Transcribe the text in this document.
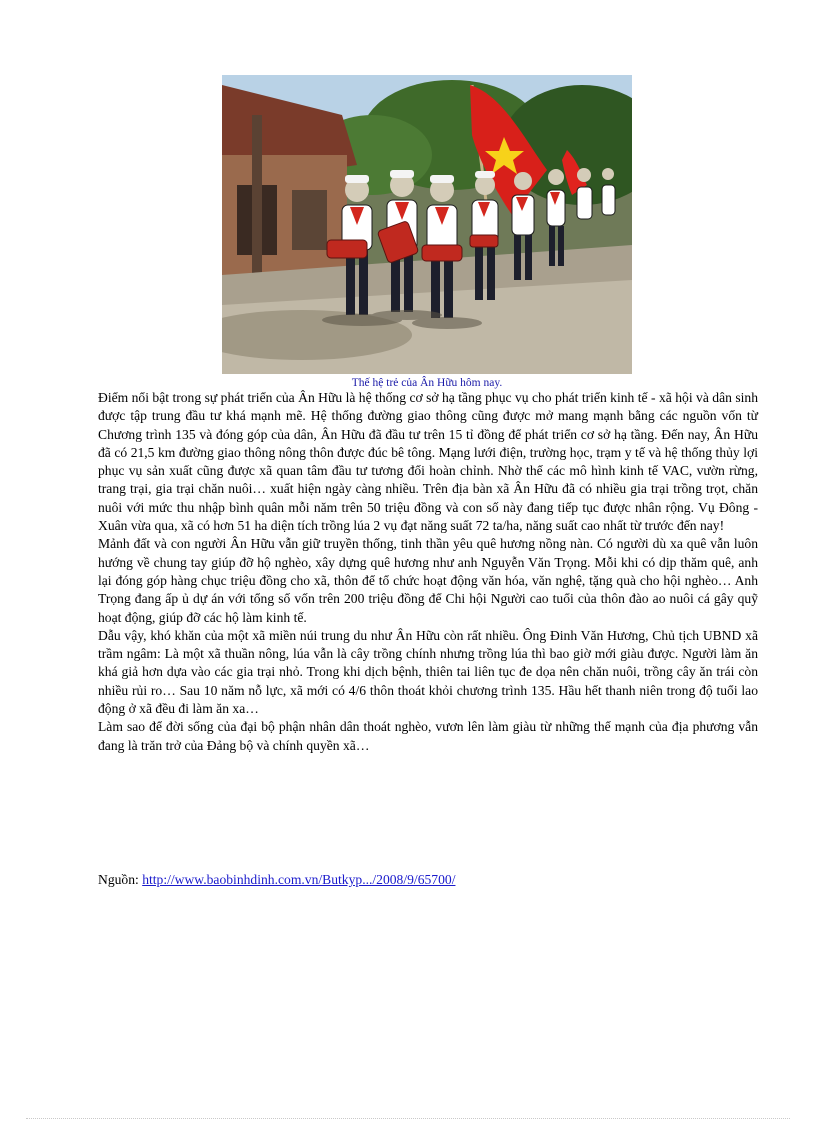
Thế hệ trẻ của Ân Hữu hôm nay.

Điểm nổi bật trong sự phát triển của Ân Hữu là hệ thống cơ sở hạ tầng phục vụ cho phát triển kinh tế - xã hội và dân sinh được tập trung đầu tư khá mạnh mẽ. Hệ thống đường giao thông cũng được mở mang mạnh bằng các nguồn vốn từ Chương trình 135 và đóng góp của dân, Ân Hữu đã đầu tư trên 15 tỉ đồng để phát triển cơ sở hạ tầng. Đến nay, Ân Hữu đã có 21,5 km đường giao thông nông thôn được đúc bê tông. Mạng lưới điện, trường học, trạm y tế và hệ thống thủy lợi phục vụ sản xuất cũng được xã quan tâm đầu tư tương đối hoàn chỉnh. Nhờ thế các mô hình kinh tế VAC, vườn rừng, trang trại, gia trại chăn nuôi… xuất hiện ngày càng nhiều. Trên địa bàn xã Ân Hữu đã có nhiều gia trại trồng trọt, chăn nuôi với mức thu nhập bình quân mỗi năm trên 50 triệu đồng và con số này đang tiếp tục được nhân rộng. Vụ Đông - Xuân vừa qua, xã có hơn 51 ha diện tích trồng lúa 2 vụ đạt năng suất 72 ta/ha, năng suất cao nhất từ trước đến nay!

Mảnh đất và con người Ân Hữu vẫn giữ truyền thống, tinh thần yêu quê hương nồng nàn. Có người dù xa quê vẫn luôn hướng về chung tay giúp đỡ hộ nghèo, xây dựng quê hương như anh Nguyễn Văn Trọng. Mỗi khi có dịp thăm quê, anh lại đóng góp hàng chục triệu đồng cho xã, thôn để tổ chức hoạt động văn hóa, văn nghệ, tặng quà cho hội nghèo… Anh Trọng đang ấp ủ dự án với tổng số vốn trên 200 triệu đồng để Chi hội Người cao tuổi của thôn đào ao nuôi cá gây quỹ hoạt động, giúp đỡ các hộ làm kinh tế.

Dẫu vậy, khó khăn của một xã miền núi trung du như Ân Hữu còn rất nhiều. Ông Đinh Văn Hương, Chủ tịch UBND xã trầm ngâm: Là một xã thuần nông, lúa vẫn là cây trồng chính nhưng trồng lúa thì bao giờ mới giàu được. Người làm ăn khá giả hơn dựa vào các gia trại nhỏ. Trong khi dịch bệnh, thiên tai liên tục đe dọa nên chăn nuôi, trồng cây ăn trái còn nhiều rủi ro… Sau 10 năm nỗ lực, xã mới có 4/6 thôn thoát khỏi chương trình 135. Hầu hết thanh niên trong độ tuổi lao động ở xã đều đi làm ăn xa…

Làm sao để đời sống của đại bộ phận nhân dân thoát nghèo, vươn lên làm giàu từ những thế mạnh của địa phương vẫn đang là trăn trở của Đảng bộ và chính quyền xã…

Nguồn: http://www.baobinhdinh.com.vn/Butkyp.../2008/9/65700/
